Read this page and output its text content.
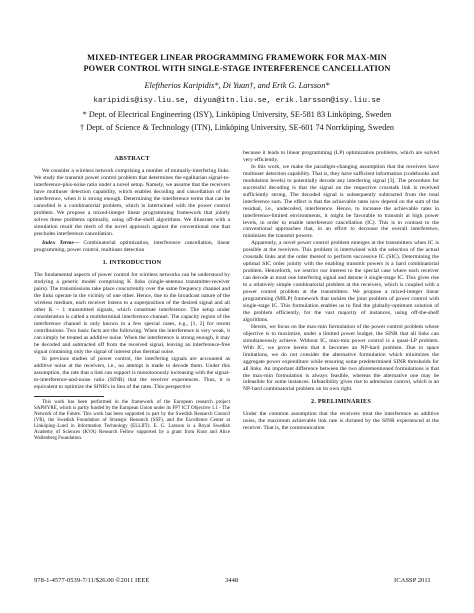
MIXED-INTEGER LINEAR PROGRAMMING FRAMEWORK FOR MAX-MIN
POWER CONTROL WITH SINGLE-STAGE INTERFERENCE CANCELLATION
Eleftherios Karipidis*, Di Yuan†, and Erik G. Larsson*
karipidis@isy.liu.se, diyua@itn.liu.se, erik.larsson@isy.liu.se
* Dept. of Electrical Engineering (ISY), Linköping University, SE-581 83 Linköping, Sweden
† Dept. of Science & Technology (ITN), Linköping University, SE-601 74 Norrköping, Sweden
ABSTRACT

We consider a wireless network comprising a number of mutually-interfering links. We study the transmit power control problem that determines the egalitarian signal-to-interference-plus-noise ratio under a novel setup. Namely, we assume that the receivers have multiuser detection capability, which enables decoding and cancellation of the interference, when it is strong enough. Determining the interference terms that can be cancelled is a combinatorial problem, which is intertwined with the power control problem. We propose a mixed-integer linear programming framework that jointly solves these problems optimally, using off-the-shelf algorithms. We illustrate with a simulation result the merit of the novel approach against the conventional one that precludes interference cancellation.

Index Terms— Combinatorial optimization, interference cancellation, linear programming, power control, multiuser detection

1. INTRODUCTION

The fundamental aspects of power control for wireless networks can be understood by studying a generic model comprising K links (single-antenna transmitter-receiver pairs). The transmissions take place concurrently over the same frequency channel and the links operate in the vicinity of one other. Hence, due to the broadcast nature of the wireless medium, each receiver listens to a superposition of the desired signal and all other K − 1 transmitted signals, which constitute interference. The setup under consideration is called a multiterminal interference channel. The capacity region of the interference channel is only known in a few special cases, e.g., [1, 2] for recent contributions. Two basic facts are the following. When the interference is very weak, it can simply be treated as additive noise. When the interference is strong enough, it may be decoded and subtracted off from the received signal, leaving an interference-free signal containing only the signal of interest plus thermal noise.

In previous studies of power control, the interfering signals are accounted as additive noise at the receivers, i.e., no attempt is made to decode them. Under this assumption, the rate that a link can support is monotonously increasing with the signal-to-interference-and-noise ratio (SINR) that the receiver experiences. Thus, it is equivalent to optimize the SINR's in lieu of the rates. This perspective

This work has been performed in the framework of the European research project SAPHYRE, which is partly funded by the European Union under its FP7 ICT Objective 1.1 - The Network of the Future. This work has been supported in part by the Swedish Research Council (VR), the Swedish Foundation of Strategic Research (SSF), and the Excellence Center at Linköping–Lund in Information Technology (ELLIIT). E. G. Larsson is a Royal Swedish Academy of Sciences (KVA) Research Fellow supported by a grant from Knut and Alice Wallenberg Foundation.

because it leads to linear programming (LP) optimization problems, which are solved very efficiently.

In this work, we make the paradigm-changing assumption that the receivers have multiuser detection capability. That is, they have sufficient information (codebooks and modulation levels) to potentially decode any interfering signal [3]. The procedure for successful decoding is that the signal on the respective crosstalk link is received sufficiently strong. The decoded signal is subsequently subtracted from the total interference sum. The effect is that the achievable rates now depend on the sum of the residual, i.e., undecoded, interference. Hence, to increase the achievable rates in interference-limited environments, it might be favorable to transmit at high power levels, in order to enable interference cancellation (IC). This is in contrast to the conventional approaches that, in an effort to decrease the overall interference, minimizes the transmit powers.

Apparently, a novel power control problem emerges at the transmitters when IC is possible at the receivers. This problem is intertwined with the selection of the actual crosstalk links and the order thereof to perform successive IC (SIC). Determining the optimal SIC order jointly with the enabling transmit powers is a hard combinatorial problem. Henceforth, we restrict our interest to the special case where each receiver can decode at most one interfering signal and denote it single-stage IC. This gives rise to a relatively simple combinatorial problem at the receivers, which is coupled with a power control problem at the transmitters. We propose a mixed-integer linear programming (MILP) framework that tackles the joint problem of power control with single-stage IC. This formulation enables us to find the globally-optimum solution of the problem efficiently, for the vast majority of instances, using off-the-shelf algorithms.

Herein, we focus on the max-min formulation of the power control problem whose objective is to maximize, under a limited power budget, the SINR that all links can simultaneously achieve. Without IC, max-min power control is a quasi-LP problem. With IC, we prove herein that it becomes an NP-hard problem. Due to space limitations, we do not consider the alternative formulation which minimizes the aggregate power expenditure while ensuring some predetermined SINR thresholds for all links. An important difference between the two aforementioned formulations is that the max-min formulation is always feasible, whereas the alternative one may be infeasible for some instances. Infeasibility gives rise to admission control, which is an NP-hard combinatorial problem on its own right.

2. PRELIMINARIES

Under the common assumption that the receivers treat the interference as additive noise, the maximum achievable link rate is dictated by the SINR experienced at the receiver. That is, the communication

978-1-4577-0539-7/11/$26.00 ©2011 IEEE	3448	ICASSP 2011
